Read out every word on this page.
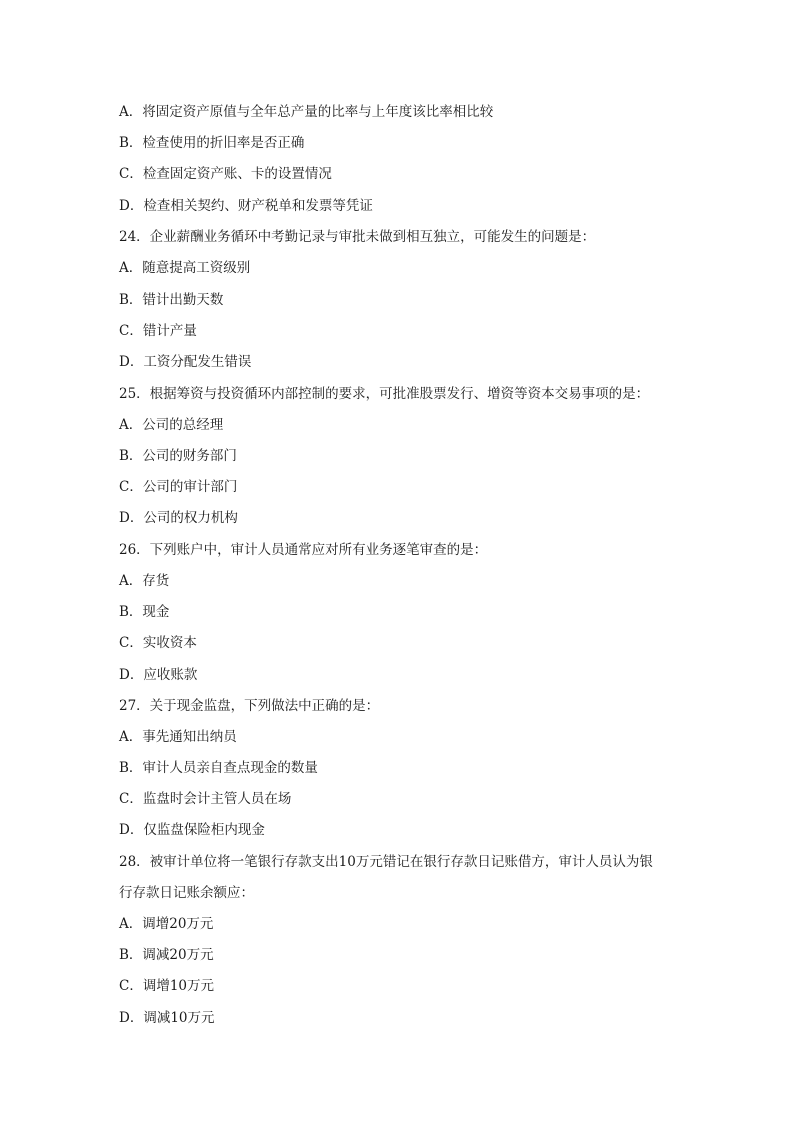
A．将固定资产原值与全年总产量的比率与上年度该比率相比较
B．检查使用的折旧率是否正确
C．检查固定资产账、卡的设置情况
D．检查相关契约、财产税单和发票等凭证
24．企业薪酬业务循环中考勤记录与审批未做到相互独立，可能发生的问题是：
A．随意提高工资级别
B．错计出勤天数
C．错计产量
D．工资分配发生错误
25．根据筹资与投资循环内部控制的要求，可批准股票发行、增资等资本交易事项的是：
A．公司的总经理
B．公司的财务部门
C．公司的审计部门
D．公司的权力机构
26．下列账户中，审计人员通常应对所有业务逐笔审查的是：
A．存货
B．现金
C．实收资本
D．应收账款
27．关于现金监盘，下列做法中正确的是：
A．事先通知出纳员
B．审计人员亲自查点现金的数量
C．监盘时会计主管人员在场
D．仅监盘保险柜内现金
28．被审计单位将一笔银行存款支出10万元错记在银行存款日记账借方，审计人员认为银
行存款日记账余额应：
A．调增20万元
B．调减20万元
C．调增10万元
D．调减10万元
